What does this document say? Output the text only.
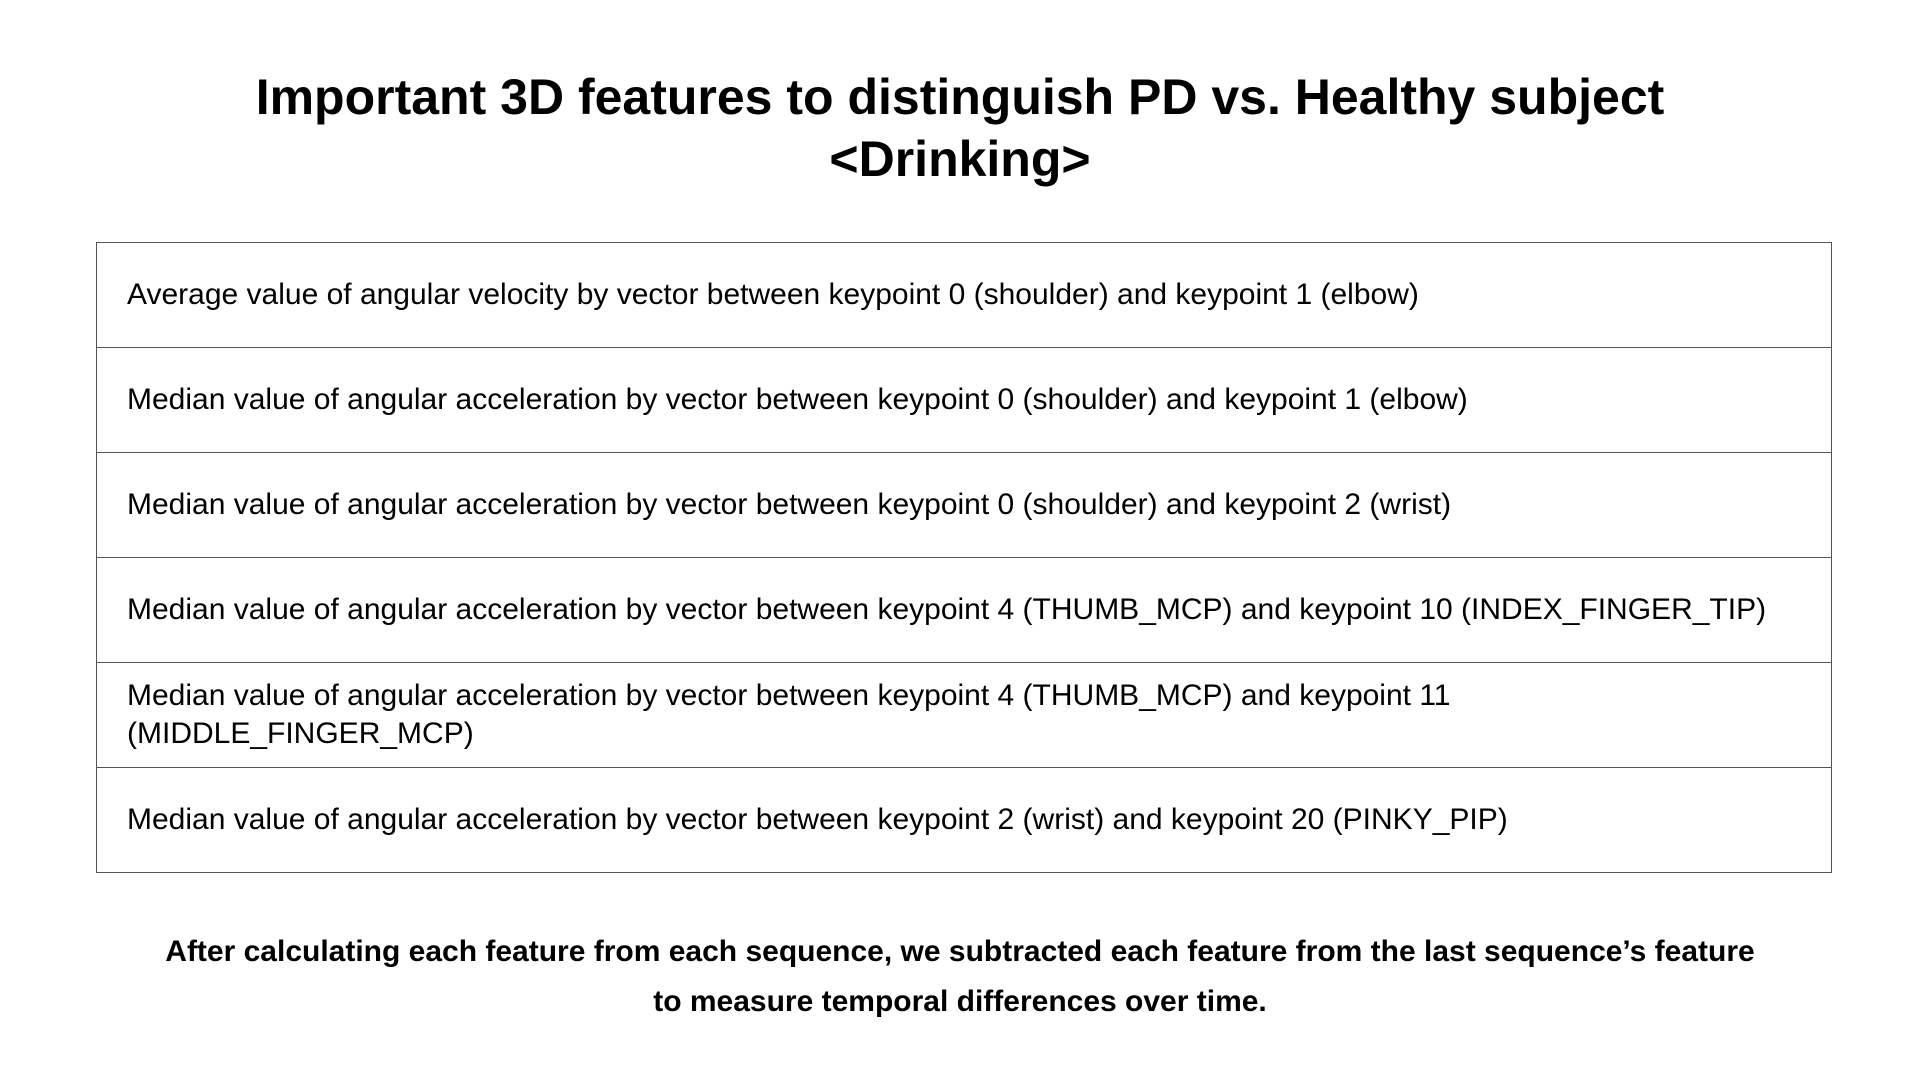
Important 3D features to distinguish PD vs. Healthy subject
<Drinking>
Average value of angular velocity by vector between keypoint 0 (shoulder) and keypoint 1 (elbow)
Median value of angular acceleration by vector between keypoint 0 (shoulder) and keypoint 1 (elbow)
Median value of angular acceleration by vector between keypoint 0 (shoulder) and keypoint 2 (wrist)
Median value of angular acceleration by vector between keypoint 4 (THUMB_MCP) and keypoint 10 (INDEX_FINGER_TIP)
Median value of angular acceleration by vector between keypoint 4 (THUMB_MCP) and keypoint 11 (MIDDLE_FINGER_MCP)
Median value of angular acceleration by vector between keypoint 2 (wrist) and keypoint 20 (PINKY_PIP)

After calculating each feature from each sequence, we subtracted each feature from the last sequence’s feature
to measure temporal differences over time.
